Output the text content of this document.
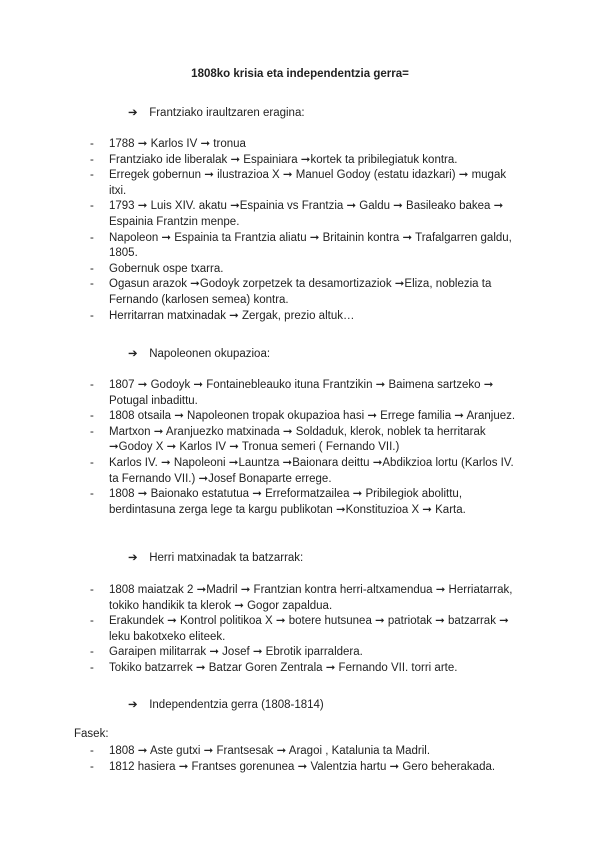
1808ko krisia eta independentzia gerra=
➔ Frantziako iraultzaren eragina:
- 1788 ➞ Karlos IV ➞ tronua
- Frantziako ide liberalak ➞ Espainiara ➞kortek ta pribilegiatuk kontra.
- Erregek gobernun ➞ ilustrazioa X ➞ Manuel Godoy (estatu idazkari) ➞ mugak itxi.
- 1793 ➞ Luis XIV. akatu ➞Espainia vs Frantzia ➞ Galdu ➞ Basileako bakea ➞ Espainia Frantzin menpe.
- Napoleon ➞ Espainia ta Frantzia aliatu ➞ Britainin kontra ➞ Trafalgarren galdu, 1805.
- Gobernuk ospe txarra.
- Ogasun arazok ➞Godoyk zorpetzek ta desamortizaziok ➞Eliza, noblezia ta Fernando (karlosen semea) kontra.
- Herritarran matxinadak ➞ Zergak, prezio altuk…
➔ Napoleonen okupazioa:
- 1807 ➞ Godoyk ➞ Fontainebleauko ituna Frantzikin ➞ Baimena sartzeko ➞ Potugal inbadittu.
- 1808 otsaila ➞ Napoleonen tropak okupazioa hasi ➞ Errege familia ➞ Aranjuez.
- Martxon ➞ Aranjuezko matxinada ➞ Soldaduk, klerok, noblek ta herritarak ➞Godoy X ➞ Karlos IV ➞ Tronua semeri ( Fernando VII.)
- Karlos IV. ➞ Napoleoni ➞Launtza ➞Baionara deittu ➞Abdikzioa lortu (Karlos IV. ta Fernando VII.) ➞Josef Bonaparte errege.
- 1808 ➞ Baionako estatutua ➞ Erreformatzailea ➞ Pribilegiok abolittu, berdintasuna zerga lege ta kargu publikotan ➞Konstituzioa X ➞ Karta.
➔ Herri matxinadak ta batzarrak:
- 1808 maiatzak 2 ➞Madril ➞ Frantzian kontra herri-altxamendua ➞ Herriatarrak, tokiko handikik ta klerok ➞ Gogor zapaldua.
- Erakundek ➞ Kontrol politikoa X ➞ botere hutsunea ➞ patriotak ➞ batzarrak ➞ leku bakotxeko eliteek.
- Garaipen militarrak ➞ Josef ➞ Ebrotik iparraldera.
- Tokiko batzarrek ➞ Batzar Goren Zentrala ➞ Fernando VII. torri arte.
➔ Independentzia gerra (1808-1814)
Fasek:
- 1808 ➞ Aste gutxi ➞ Frantsesak ➞ Aragoi , Katalunia ta Madril.
- 1812 hasiera ➞ Frantses gorenunea ➞ Valentzia hartu ➞ Gero beherakada.
